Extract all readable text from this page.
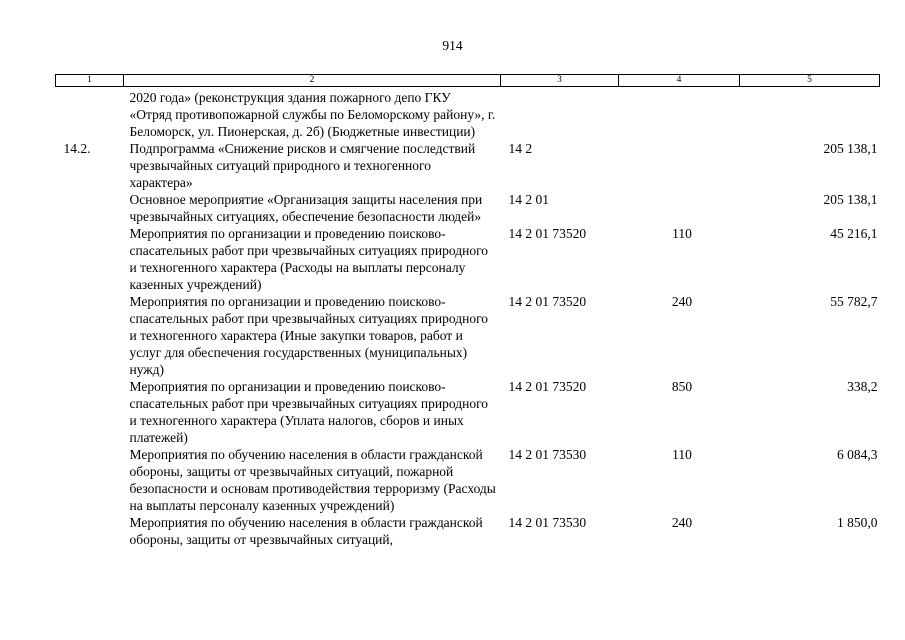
914
1	2	3	4	5
	2020 года» (реконструкция здания пожарного депо ГКУ «Отряд противопожарной службы по Беломорскому району», г. Беломорск, ул. Пионерская, д. 2б) (Бюджетные инвестиции)			
14.2.	Подпрограмма «Снижение рисков и смягчение последствий чрезвычайных ситуаций природного и техногенного характера»	14 2		205 138,1
	Основное мероприятие «Организация защиты населения при чрезвычайных ситуациях, обеспечение безопасности людей»	14 2 01		205 138,1
	Мероприятия по организации и проведению поисково-спасательных работ при чрезвычайных ситуациях природного и техногенного характера (Расходы на выплаты персоналу казенных учреждений)	14 2 01 73520	110	45 216,1
	Мероприятия по организации и проведению поисково-спасательных работ при чрезвычайных ситуациях природного и техногенного характера (Иные закупки товаров, работ и услуг для обеспечения государственных (муниципальных) нужд)	14 2 01 73520	240	55 782,7
	Мероприятия по организации и проведению поисково-спасательных работ при чрезвычайных ситуациях природного и техногенного характера (Уплата налогов, сборов и иных платежей)	14 2 01 73520	850	338,2
	Мероприятия по обучению населения в области гражданской обороны, защиты от чрезвычайных ситуаций, пожарной безопасности и основам противодействия терроризму (Расходы на выплаты персоналу казенных учреждений)	14 2 01 73530	110	6 084,3
	Мероприятия по обучению населения в области гражданской обороны, защиты от чрезвычайных ситуаций,	14 2 01 73530	240	1 850,0
